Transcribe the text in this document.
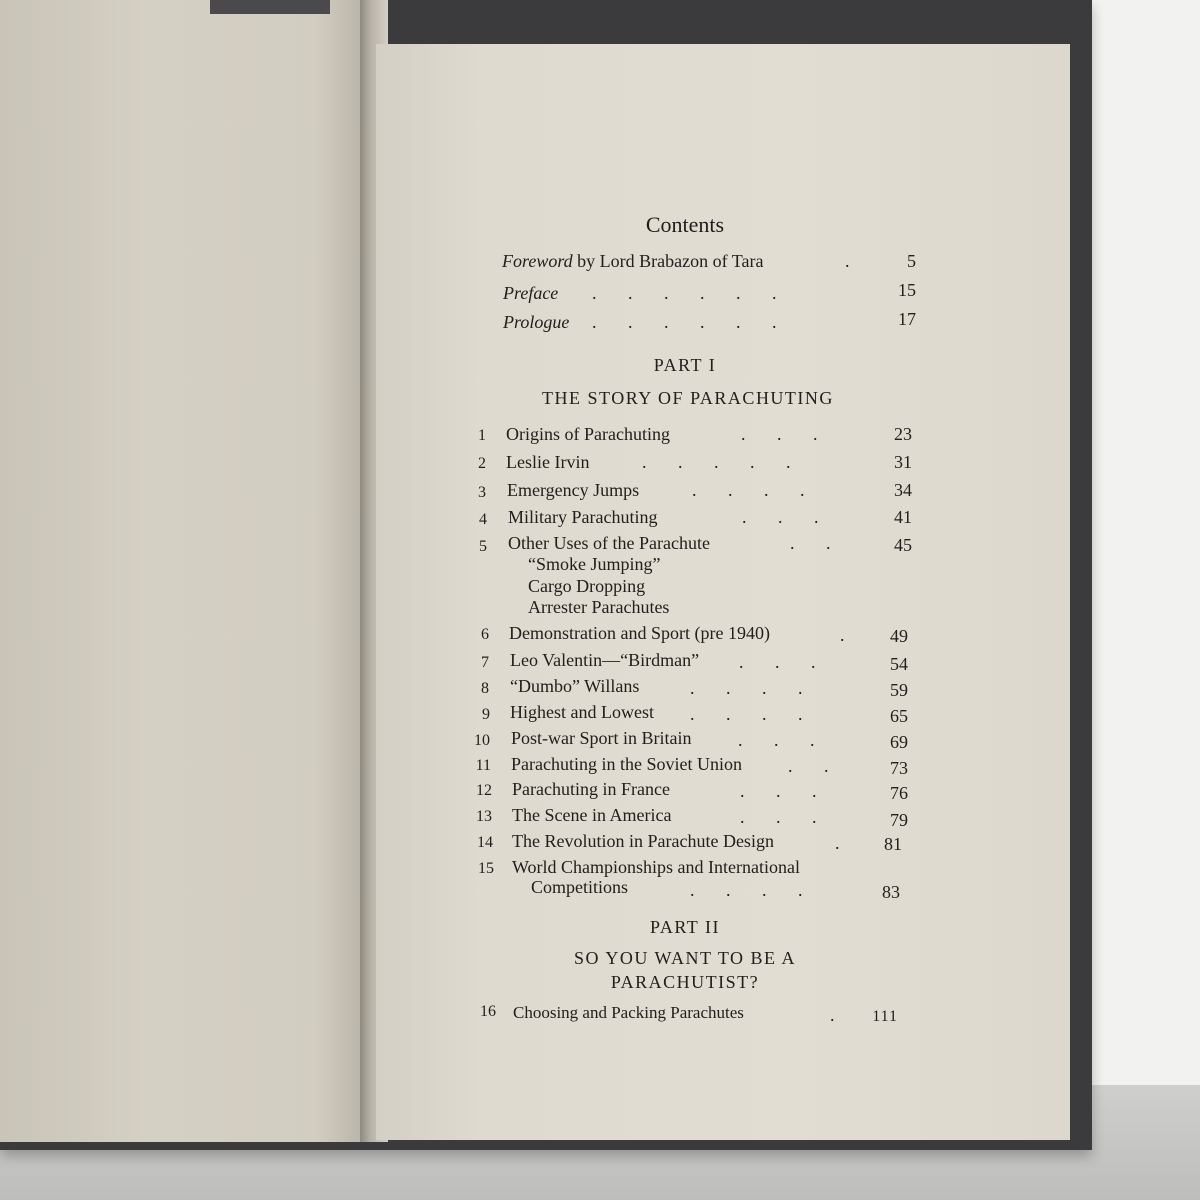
Contents
Foreword by Lord Brabazon of Tara	.	5
Preface .       .       .       .       .       .	15
Prologue .       .       .       .       .       .	17
PART I
THE STORY OF PARACHUTING
1 Origins of Parachuting	.       .       .	23
2 Leslie Irvin	.       .       .       .       .	31
3 Emergency Jumps	.       .       .       .	34
4 Military Parachuting	.       .       .	41
5 Other Uses of the Parachute	.       .	45
“Smoke Jumping”
Cargo Dropping
Arrester Parachutes
6 Demonstration and Sport (pre 1940)	.	49
7 Leo Valentin—“Birdman” .       .       .	54
8 “Dumbo” Willans	.       .       .       .	59
9 Highest and Lowest .       .       .       .	65
10 Post-war Sport in Britain	.       .       .	69
11 Parachuting in the Soviet Union	.       .	73
12 Parachuting in France	.       .       .	76
13 The Scene in America	.       .       .	79
14 The Revolution in Parachute Design	.	81
15 World Championships and International
Competitions	.       .       .       .	83
PART II
SO YOU WANT TO BE A
PARACHUTIST?
16 Choosing and Packing Parachutes	.	111
